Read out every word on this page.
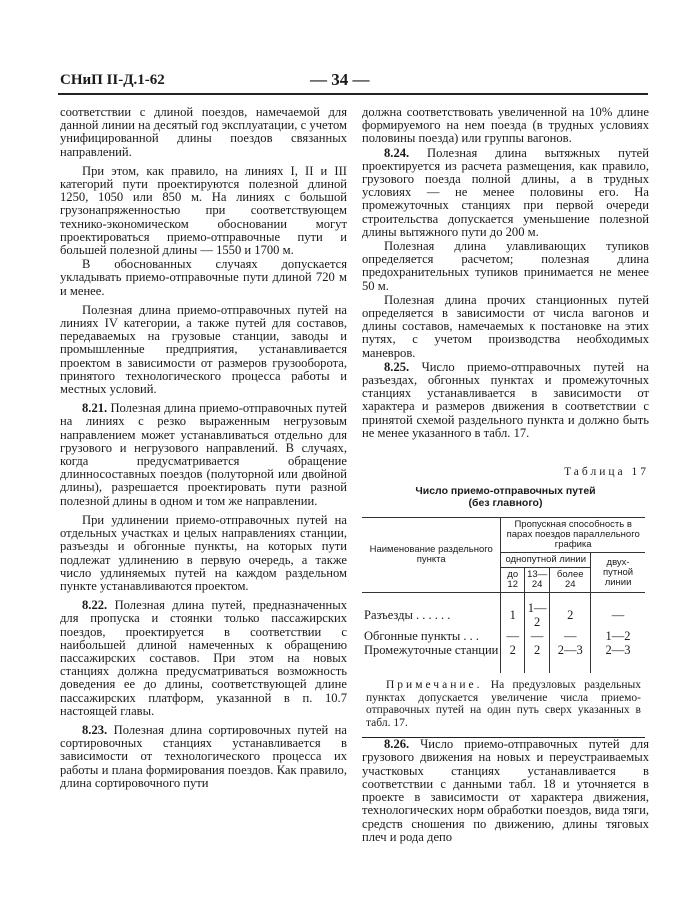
СНиП II-Д.1-62	— 34 —

соответствии с длиной поездов, намечаемой для данной линии на десятый год эксплуатации, с учетом унифицированной длины поездов связанных направлений.

При этом, как правило, на линиях I, II и III категорий пути проектируются полезной длиной 1250, 1050 или 850 м. На линиях с большой грузонапряженностью при соответствующем технико-экономическом обосновании могут проектироваться приемо-отправочные пути и большей полезной длины — 1550 и 1700 м.

В обоснованных случаях допускается укладывать приемо-отправочные пути длиной 720 м и менее.

Полезная длина приемо-отправочных путей на линиях IV категории, а также путей для составов, передаваемых на грузовые станции, заводы и промышленные предприятия, устанавливается проектом в зависимости от размеров грузооборота, принятого технологического процесса работы и местных условий.

8.21. Полезная длина приемо-отправочных путей на линиях с резко выраженным негрузовым направлением может устанавливаться отдельно для грузового и негрузового направлений. В случаях, когда предусматривается обращение длинносоставных поездов (полуторной или двойной длины), разрешается проектировать пути разной полезной длины в одном и том же направлении.

При удлинении приемо-отправочных путей на отдельных участках и целых направлениях станции, разъезды и обгонные пункты, на которых пути подлежат удлинению в первую очередь, а также число удлиняемых путей на каждом раздельном пункте устанавливаются проектом.

8.22. Полезная длина путей, предназначенных для пропуска и стоянки только пассажирских поездов, проектируется в соответствии с наибольшей длиной намеченных к обращению пассажирских составов. При этом на новых станциях должна предусматриваться возможность доведения ее до длины, соответствующей длине пассажирских платформ, указанной в п. 10.7 настоящей главы.

8.23. Полезная длина сортировочных путей на сортировочных станциях устанавливается в зависимости от технологического процесса их работы и плана формирования поездов. Как правило, длина сортировочного пути

должна соответствовать увеличенной на 10% длине формируемого на нем поезда (в трудных условиях половины поезда) или группы вагонов.

8.24. Полезная длина вытяжных путей проектируется из расчета размещения, как правило, грузового поезда полной длины, а в трудных условиях — не менее половины его. На промежуточных станциях при первой очереди строительства допускается уменьшение полезной длины вытяжного пути до 200 м.

Полезная длина улавливающих тупиков определяется расчетом; полезная длина предохранительных тупиков принимается не менее 50 м.

Полезная длина прочих станционных путей определяется в зависимости от числа вагонов и длины составов, намечаемых к постановке на этих путях, с учетом производства необходимых маневров.

8.25. Число приемо-отправочных путей на разъездах, обгонных пунктах и промежуточных станциях устанавливается в зависимости от характера и размеров движения в соответствии с принятой схемой раздельного пункта и должно быть не менее указанного в табл. 17.

Таблица 17
Число приемо-отправочных путей
(без главного)
Наименование раздельного пункта	Пропускная способность в парах поездов параллельного графика			
	однопутной линии			двух-путной линии
	до 12	13—24	более 24	

Разъезды . . . . . .	1	1—2	2	—
Обгонные пункты . . .	—	—	—	1—2
Промежуточные станции	2	2	2—3	2—3

Примечание. На предузловых раздельных пунктах допускается увеличение числа приемо-отправочных путей на один путь сверх указанных в табл. 17.				

8.26. Число приемо-отправочных путей для грузового движения на новых и переустраиваемых участковых станциях устанавливается в соответствии с данными табл. 18 и уточняется в проекте в зависимости от характера движения, технологических норм обработки поездов, вида тяги, средств сношения по движению, длины тяговых плеч и рода депо
